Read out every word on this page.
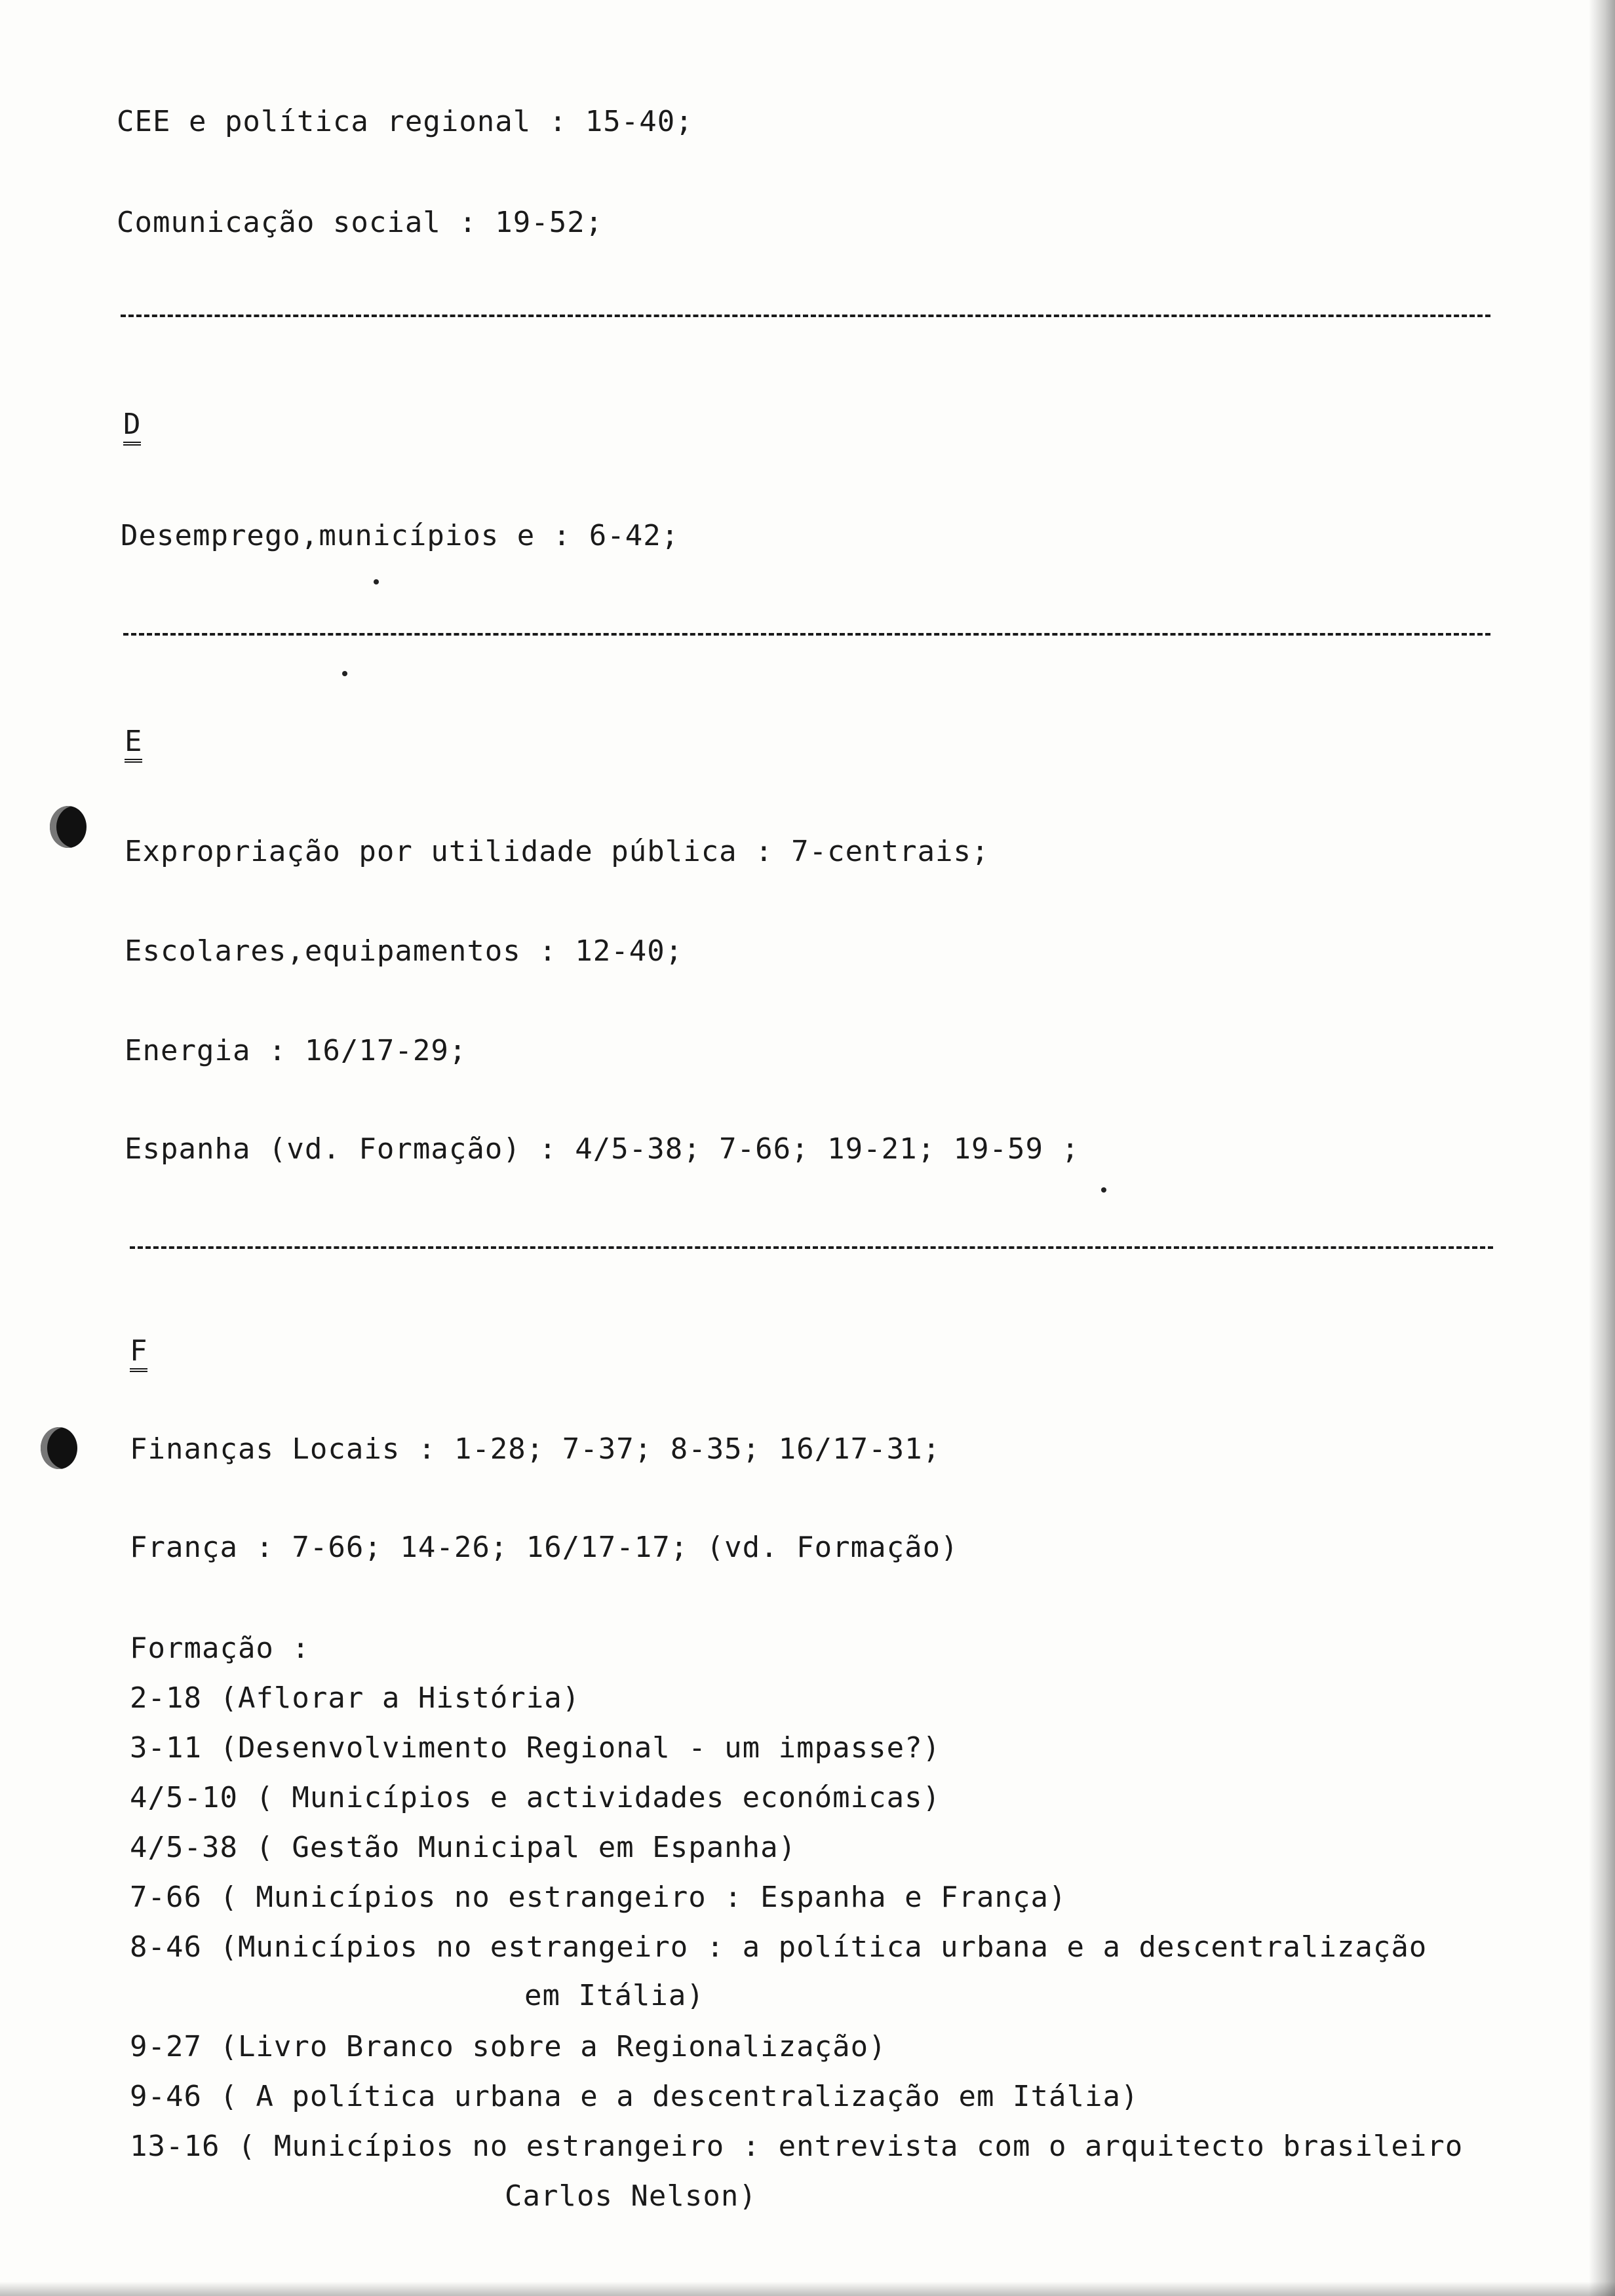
CEE e política regional : 15-40;
Comunicação social : 19-52;
D
Desemprego,municípios e : 6-42;
E
Expropriação por utilidade pública : 7-centrais;
Escolares,equipamentos : 12-40;
Energia : 16/17-29;
Espanha (vd. Formação) : 4/5-38; 7-66; 19-21; 19-59 ;
F
Finanças Locais : 1-28; 7-37; 8-35; 16/17-31;
França : 7-66; 14-26; 16/17-17; (vd. Formação)
Formação :
2-18 (Aflorar a História)
3-11 (Desenvolvimento Regional - um impasse?)
4/5-10 ( Municípios e actividades económicas)
4/5-38 ( Gestão Municipal em Espanha)
7-66 ( Municípios no estrangeiro : Espanha e França)
8-46 (Municípios no estrangeiro : a política urbana e a descentralização
em Itália)
9-27 (Livro Branco sobre a Regionalização)
9-46 ( A política urbana e a descentralização em Itália)
13-16 ( Municípios no estrangeiro : entrevista com o arquitecto brasileiro
Carlos Nelson)
